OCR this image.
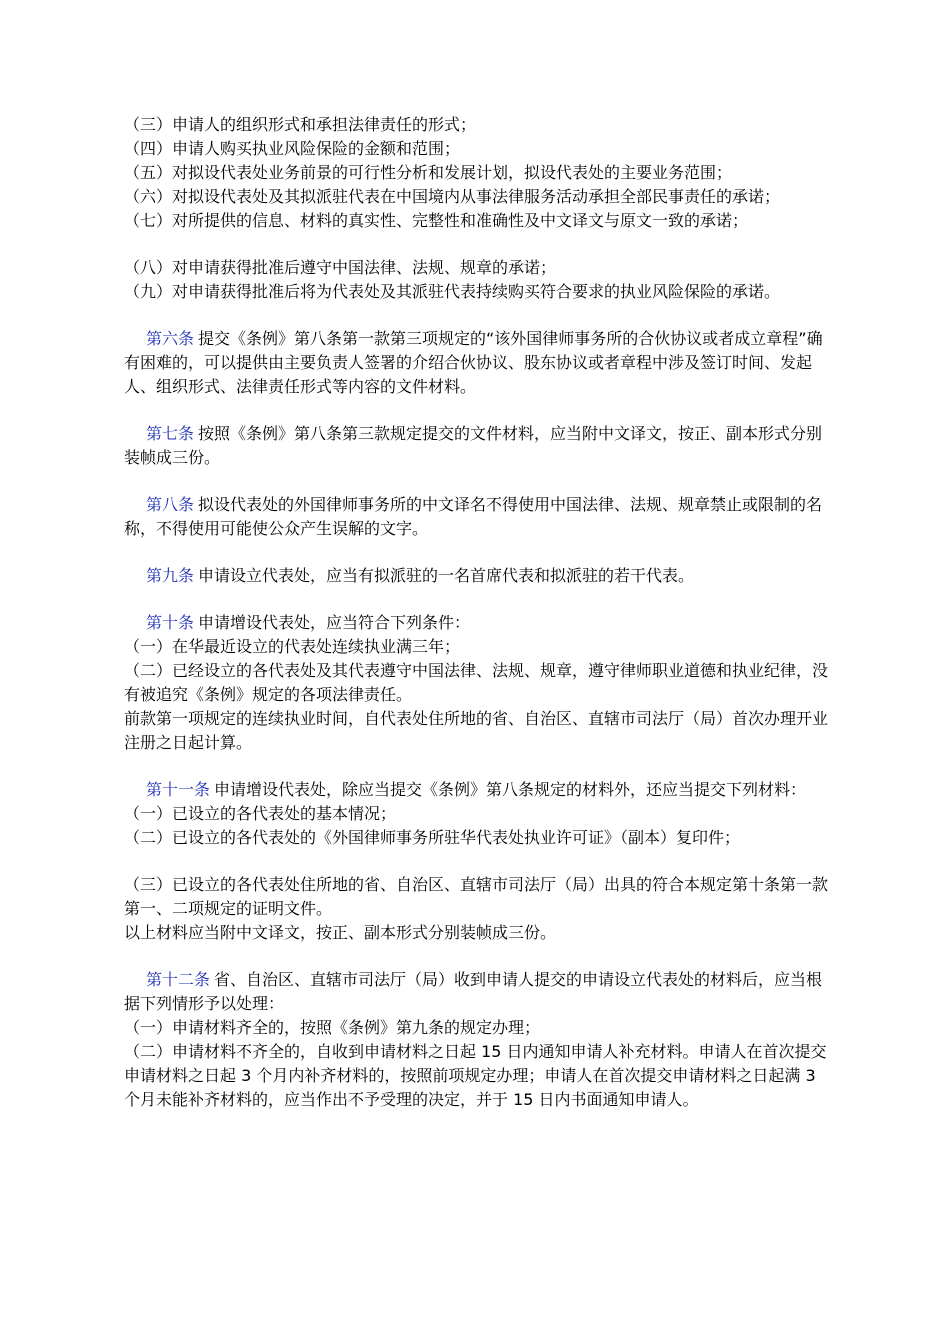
（三）申请人的组织形式和承担法律责任的形式；

（四）申请人购买执业风险保险的金额和范围；

（五）对拟设代表处业务前景的可行性分析和发展计划，拟设代表处的主要业务范围；

（六）对拟设代表处及其拟派驻代表在中国境内从事法律服务活动承担全部民事责任的承诺；

（七）对所提供的信息、材料的真实性、完整性和准确性及中文译文与原文一致的承诺；

（八）对申请获得批准后遵守中国法律、法规、规章的承诺；

（九）对申请获得批准后将为代表处及其派驻代表持续购买符合要求的执业风险保险的承诺。

第六条 提交《条例》第八条第一款第三项规定的“该外国律师事务所的合伙协议或者成立章程”确有困难的，可以提供由主要负责人签署的介绍合伙协议、股东协议或者章程中涉及签订时间、发起人、组织形式、法律责任形式等内容的文件材料。

第七条 按照《条例》第八条第三款规定提交的文件材料，应当附中文译文，按正、副本形式分别装帧成三份。

第八条 拟设代表处的外国律师事务所的中文译名不得使用中国法律、法规、规章禁止或限制的名称，不得使用可能使公众产生误解的文字。

第九条 申请设立代表处，应当有拟派驻的一名首席代表和拟派驻的若干代表。

第十条 申请增设代表处，应当符合下列条件：

（一）在华最近设立的代表处连续执业满三年；

（二）已经设立的各代表处及其代表遵守中国法律、法规、规章，遵守律师职业道德和执业纪律，没有被追究《条例》规定的各项法律责任。

前款第一项规定的连续执业时间，自代表处住所地的省、自治区、直辖市司法厅（局）首次办理开业注册之日起计算。

第十一条 申请增设代表处，除应当提交《条例》第八条规定的材料外，还应当提交下列材料：

（一）已设立的各代表处的基本情况；

（二）已设立的各代表处的《外国律师事务所驻华代表处执业许可证》（副本）复印件；

（三）已设立的各代表处住所地的省、自治区、直辖市司法厅（局）出具的符合本规定第十条第一款第一、二项规定的证明文件。

以上材料应当附中文译文，按正、副本形式分别装帧成三份。

第十二条 省、自治区、直辖市司法厅（局）收到申请人提交的申请设立代表处的材料后，应当根据下列情形予以处理：

（一）申请材料齐全的，按照《条例》第九条的规定办理；

（二）申请材料不齐全的，自收到申请材料之日起 15 日内通知申请人补充材料。申请人在首次提交申请材料之日起 3 个月内补齐材料的，按照前项规定办理；申请人在首次提交申请材料之日起满 3 个月未能补齐材料的，应当作出不予受理的决定，并于 15 日内书面通知申请人。
